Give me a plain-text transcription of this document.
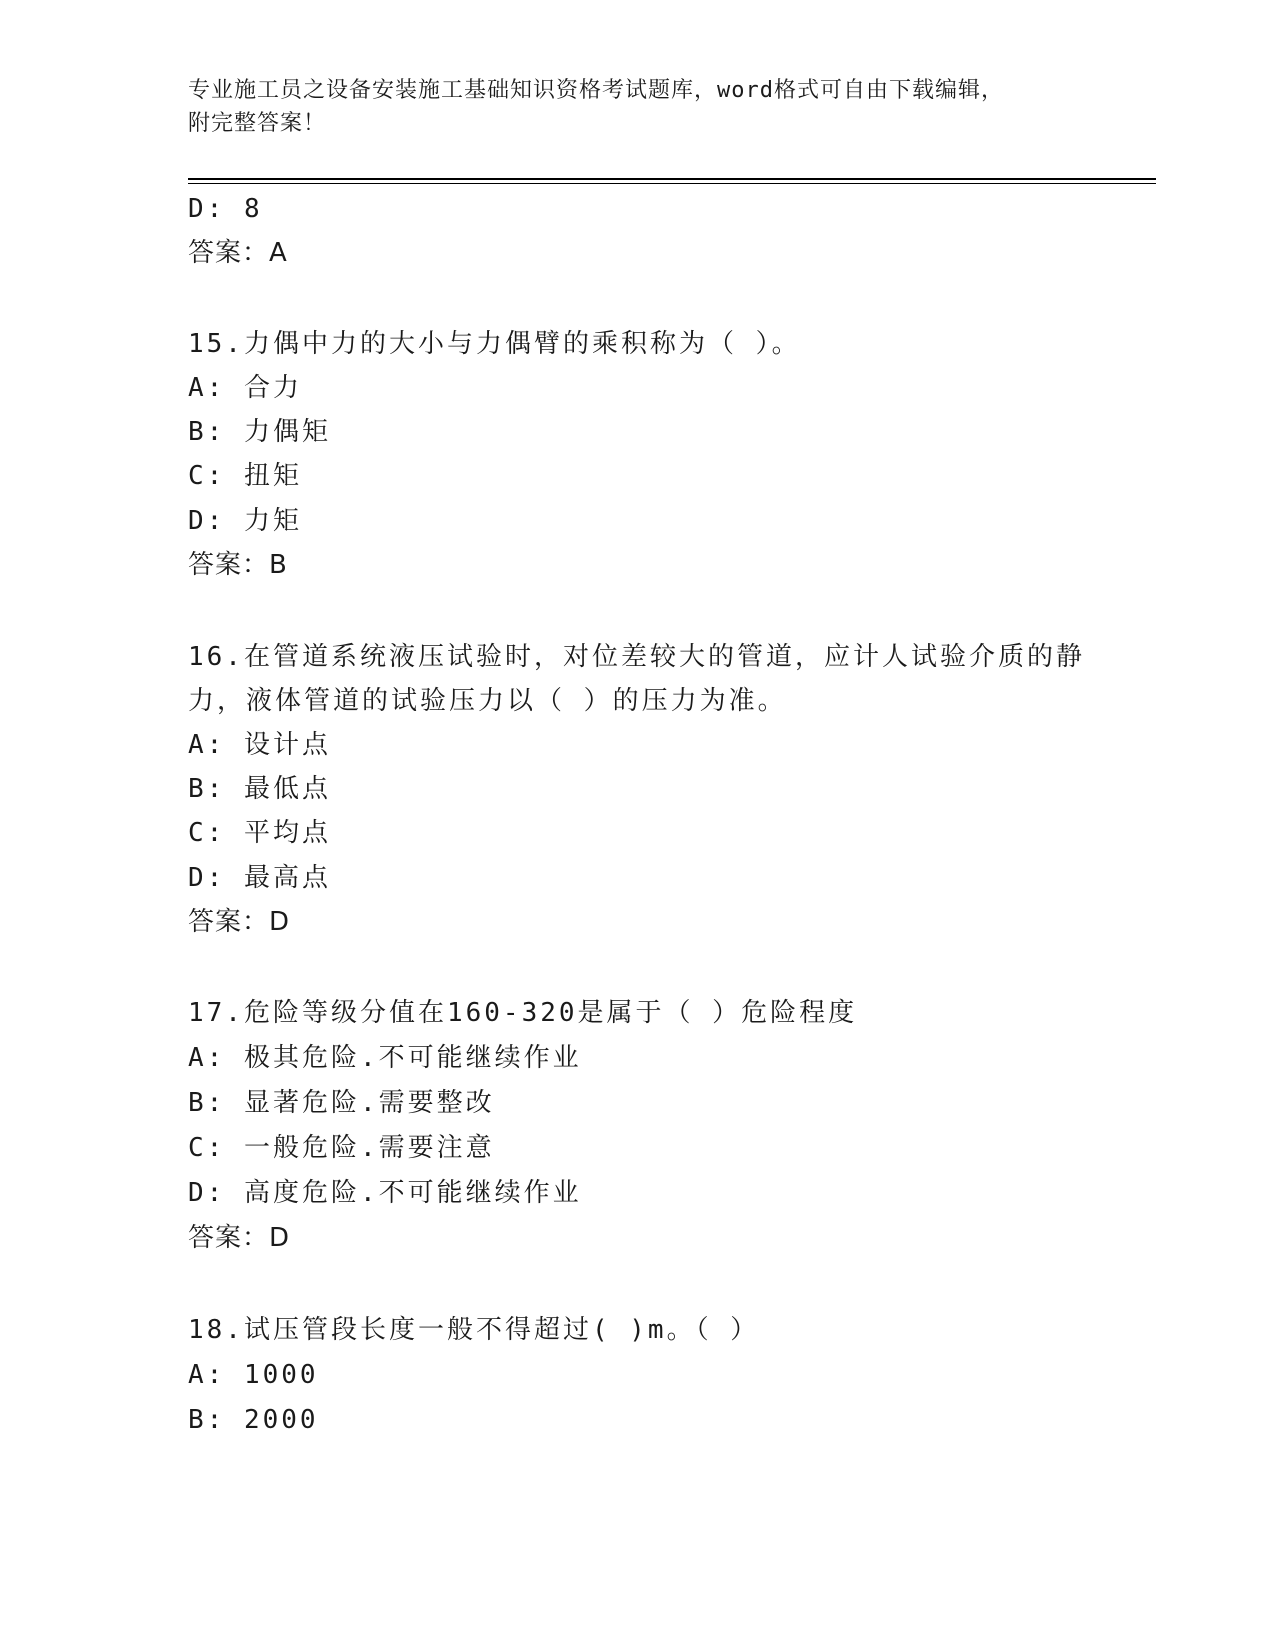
专业施工员之设备安装施工基础知识资格考试题库，word格式可自由下载编辑，
附完整答案！
D: 8
答案：A
15.力偶中力的大小与力偶臂的乘积称为（ ）。
A: 合力
B: 力偶矩
C: 扭矩
D: 力矩
答案：B
16.在管道系统液压试验时，对位差较大的管道，应计人试验介质的静
力，液体管道的试验压力以（ ）的压力为准。
A: 设计点
B: 最低点
C: 平均点
D: 最高点
答案：D
17.危险等级分值在160-320是属于（ ）危险程度
A: 极其危险.不可能继续作业
B: 显著危险.需要整改
C: 一般危险.需要注意
D: 高度危险.不可能继续作业
答案：D
18.试压管段长度一般不得超过( )m。（ ）
A: 1000
B: 2000
